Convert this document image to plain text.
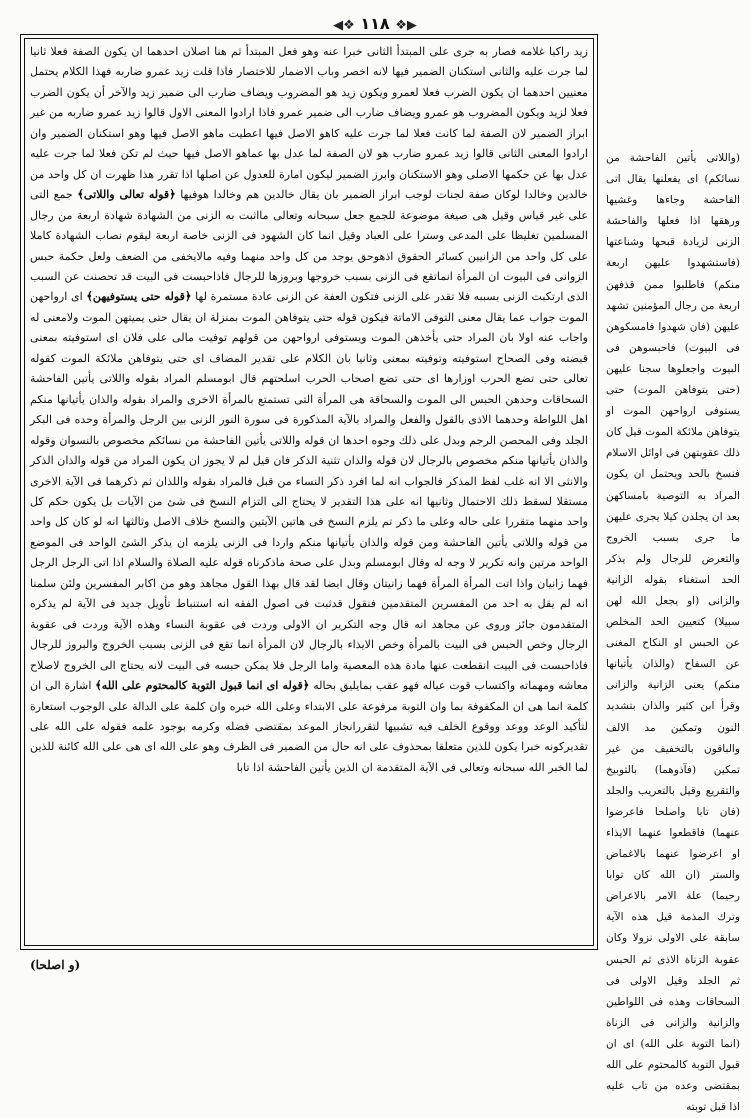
◀❖ ١١٨ ❖▶
زيد راكبا غلامه فصار به جرى على المبتدأ الثانى خبرا عنه وهو فعل المبتدأ ثم هنا اصلان احدهما ان يكون الصفة فعلا ثانيا لما جرت عليه والثانى استكنان الضمير فيها لانه اخصر وباب الاضمار للاختصار فاذا قلت زيد عمرو ضاربه فهذا الكلام يحتمل معنيين احدهما ان يكون الضرب فعلا لعمرو ويكون زيد هو المضروب ويضاف ضارب الى ضمير زيد والآخر أن يكون الضرب فعلا لزيد ويكون المضروب هو عمرو ويضاف ضارب الى ضمير عمرو فاذا ارادوا المعنى الاول قالوا زيد عمرو ضاربه من غير ابراز الضمير لان الصفة لما كانت فعلا لما جرت عليه كاهو الاصل فيها اعطيت ماهو الاصل فيها وهو استكنان الضمير وان ارادوا المعنى الثانى قالوا زيد عمرو ضارب هو لان الصفة لما عدل بها عماهو الاصل فيها حيث لم تكن فعلا لما جرت عليه عدل بها عن حكمها الاصلى وهو الاستكنان وابرز الضمير ليكون امارة للعدول عن اصلها اذا تقرر هذا ظهرت ان كل واحد من خالدين وخالدا لوكان صفة لجنات لوجب ابراز الضمير بان يقال خالدين هم وخالدا هوفيها ﴿قوله تعالى واللاتى﴾ جمع التى على غير قياس وقيل هى صيغة موضوعة للجمع جعل سبحانه وتعالى مااثبت به الزنى من الشهادة شهادة اربعة من رجال المسلمين تغليظا على المدعى وسترا على العباد وقيل انما كان الشهود فى الزنى خاصة اربعة ليقوم نصاب الشهادة كاملا على كل واحد من الزانيين كسائر الحقوق اذهوحق يوجد من كل واحد منهما وفيه مالايخفى من الضعف ولعل حكمة حبس الزوانى فى البيوت ان المرأة انماتقع فى الزنى بسبب خروجها وبروزها للرجال فاذاحبست فى البيت قد تحصنت عن السبب الذى ارتكبت الزنى بسببه فلا تقدر على الزنى فتكون العفة عن الزنى عادة مستمرة لها ﴿قوله حتى يستوفيهن﴾ اى ارواحهن الموت جواب عما يقال معنى التوفى الاماتة فيكون قوله حتى يتوفاهن الموت بمنزلة ان يقال حتى يميتهن الموت ولامعنى له واجاب عنه اولا بان المراد حتى يأخذهن الموت ويستوفى ارواحهن من قولهم توفيت مالى على فلان اى استوفيته بمعنى قبضته وفى الصحاح استوفيته وتوفيته بمعنى وثانيا بان الكلام على تقدير المضاف اى حتى يتوفاهن ملائكة الموت كقوله تعالى حتى تضع الحرب اوزارها اى حتى تضع اصحاب الحرب اسلحتهم قال ابومسلم المراد بقوله واللاتى يأتين الفاحشة السحاقات وحدهن الحبس الى الموت والسحاقة هى المرأة التى تستمتع بالمرأة الاخرى والمراد بقوله والذان يأتيانها منكم اهل اللواطة وحدهما الاذى بالقول والفعل والمراد بالآية المذكورة فى سورة النور الزنى بين الرجل والمرأة وحده فى البكر الجلد وفى المحصن الرجم وبدل على ذلك وجوه احدها ان قوله واللاتى يأتين الفاحشة من نسائكم مخصوص بالنسوان وقوله والذان يأتيانها منكم مخصوص بالرجال لان قوله والذان تثنية الذكر فان قيل لم لا يجوز ان يكون المراد من قوله والذان الذكر والانثى الا انه غلب لفظ المذكر فالجواب انه لما افرد ذكر النساء من قبل فالمراد بقوله واللذان ثم ذكرهما فى الآية الاخرى مستقلا لسقط ذلك الاحتمال وثانيها انه على هذا التقدير لا يحتاج الى التزام النسخ فى شئ من الآيات بل يكون حكم كل واحد منهما متقررا على حاله وعلى ما ذكر تم يلزم النسخ فى هاتين الآيتين والنسخ خلاف الاصل وثالثها انه لو كان كل واحد من قوله واللاتى يأتين الفاحشة ومن قوله والذان يأتيانها منكم واردا فى الزنى يلزمه ان يذكر الشئ الواحد فى الموضع الواحد مرتين وانه تكرير لا وجه له وقال ابومسلم وبدل على صحة ماذكرناه قوله عليه الصلاة والسلام اذا اتى الرجل الرجل فهما زانيان واذا اتت المرأة المرأة فهما زانيتان وقال ايضا لقد قال بهذا القول مجاهد وهو من اكابر المفسرين ولئن سلمنا انه لم يقل به احد من المفسرين المتقدمين فنقول قدثبت فى اصول الفقه انه استنباط تأويل جديد فى الآية لم يذكره المتقدمون جائز وروى عن مجاهد انه قال وجه التكرير ان الاولى وردت فى عقوبة النساء وهذه الآية وردت فى عقوبة الرجال وخص الحبس فى البيت بالمرأة وخص الايذاء بالرجال لان المرأة انما تقع فى الزنى بسبب الخروج والبروز للرجال فاذاحبست فى البيت انقطعت عنها مادة هذه المعصية واما الرجل فلا يمكن حبسه فى البيت لانه يحتاج الى الخروج لاصلاح معاشه ومهماته واكتساب قوت عياله فهو عقب بمايليق بحاله ﴿قوله اى انما قبول التوبة كالمحتوم على الله﴾ اشارة الى ان كلمة انما هى ان المكفوفة بما وان التوبة مرفوعة على الابتداء وعلى الله خبره وان كلمة على الدالة على الوجوب استعارة لتأكيد الوعد ووعد ووقوع الخلف فيه تشبيها لتقررانجاز الموعد بمقتضى فضله وكرمه بوجود علمه فقوله على الله على تقديركونه خبرا يكون للذين متعلقا بمحذوف على انه حال من الضمير فى الظرف وهو على الله اى هى على الله كائنة للذين لما الخبر الله سبحانه وتعالى فى الآية المتقدمة ان الذين يأتين الفاحشة اذا تابا
(واللاتى يأتين الفاحشة من نسائكم) اى يفعلنها يقال اتى الفاحشة وجاءها وغشيها ورهقها اذا فعلها والفاحشة الزنى لزيادة قبحها وشناعتها (فاستشهدوا عليهن اربعة منكم) فاطلبوا ممن قذفهن اربعة من رجال المؤمنين تشهد عليهن (فان شهدوا فامسكوهن فى البيوت) فاحبسوهن فى البيوت واجعلوها سجنا عليهن (حتى يتوفاهن الموت) حتى يستوفى ارواحهن الموت او يتوفاهن ملائكة الموت قيل كان ذلك عقوبتهن فى اوائل الاسلام فنسخ بالحد ويحتمل ان يكون المراد به التوصية بامساكهن بعد ان يجلدن كيلا يجرى عليهن ما جرى بسبب الخروج والتعرض للرجال ولم يذكر الحد استغناء بقوله الزانية والزانى (او يجعل الله لهن سبيلا) كتعيين الحد المخلص عن الحبس او النكاح المغنى عن السفاح (والذان يأتيانها منكم) يعنى الزانية والزانى وقرأ ابن كثير والذان بتشديد النون وتمكين مد الالف والباقون بالتخفيف من غير تمكين (فآذوهما) بالتوبيخ والتقريع وقيل بالتعريب والجلد (فان تابا واصلحا فاعرضوا عنهما) فاقطعوا عنهما الايذاء او اعرضوا عنهما بالاغماض والستر (ان الله كان توابا رحيما) علة الامر بالاعراض وترك المذمة قيل هذه الآية سابقة على الاولى نزولا وكان عقوبة الزناة الاذى ثم الحبس ثم الجلد وقيل الاولى فى السحاقات وهذه فى اللواطين والزانية والزانى فى الزناة (انما التوبة على الله) اى ان قبول التوبة كالمحتوم على الله بمقتضى وعده من تاب عليه اذا قبل توبته
(و اصلحا)
